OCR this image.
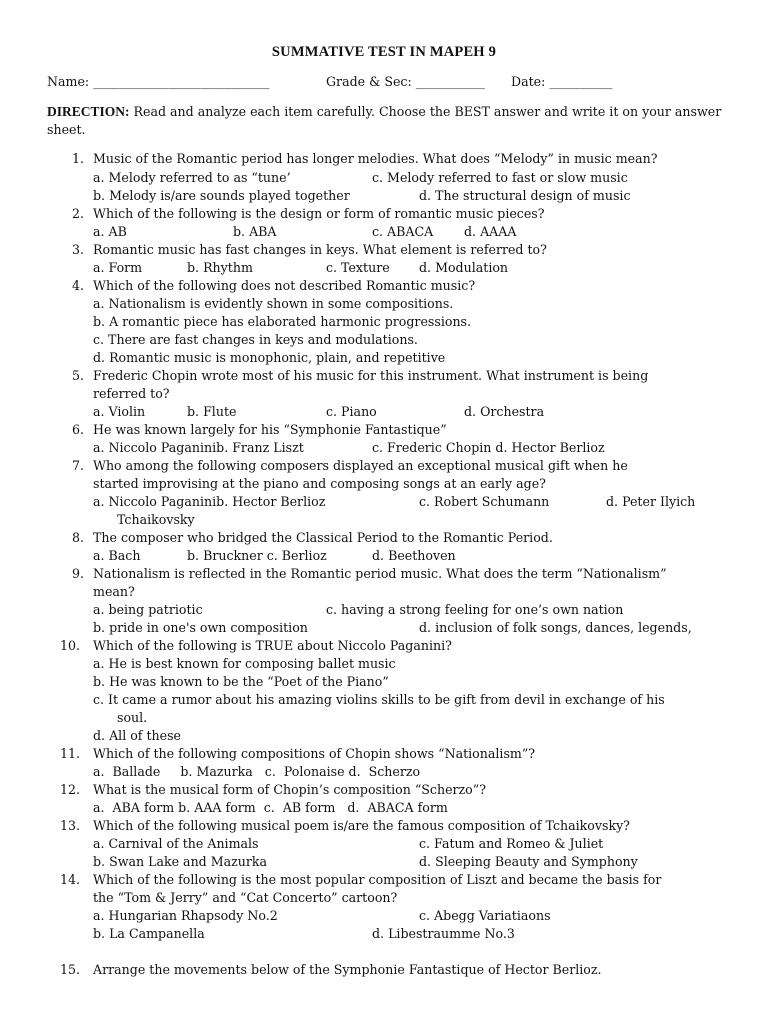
SUMMATIVE TEST IN MAPEH 9
Name: ____________________________	Grade & Sec: ___________ Date: __________
DIRECTION: Read and analyze each item carefully. Choose the BEST answer and write it on your answer sheet.
1. Music of the Romantic period has longer melodies. What does “Melody” in music mean?
a. Melody referred to as “tune’	c. Melody referred to fast or slow music
b. Melody is/are sounds played together	d. The structural design of music
2. Which of the following is the design or form of romantic music pieces?
a. AB	b. ABA	c. ABACA d. AAAA
3. Romantic music has fast changes in keys. What element is referred to?
a. Form	b. Rhythm	c. Texture d. Modulation
4. Which of the following does not described Romantic music?
a. Nationalism is evidently shown in some compositions.
b. A romantic piece has elaborated harmonic progressions.
c. There are fast changes in keys and modulations.
d. Romantic music is monophonic, plain, and repetitive
5. Frederic Chopin wrote most of his music for this instrument. What instrument is being
referred to?
a. Violin	b. Flute	c. Piano	d. Orchestra
6. He was known largely for his “Symphonie Fantastique”
a. Niccolo Paganinib. Franz Liszt	c. Frederic Chopin d. Hector Berlioz
7. Who among the following composers displayed an exceptional musical gift when he
started improvising at the piano and composing songs at an early age?
a. Niccolo Paganinib. Hector Berlioz	c. Robert Schumann	d. Peter Ilyich
Tchaikovsky
8. The composer who bridged the Classical Period to the Romantic Period.
a. Bach	b. Bruckner c. Berlioz	d. Beethoven
9. Nationalism is reflected in the Romantic period music. What does the term “Nationalism”
mean?
a. being patriotic	c. having a strong feeling for one’s own nation
b. pride in one's own composition	d. inclusion of folk songs, dances, legends,
10.	Which of the following is TRUE about Niccolo Paganini?
a. He is best known for composing ballet music
b. He was known to be the “Poet of the Piano”
c. It came a rumor about his amazing violins skills to be gift from devil in exchange of his
soul.
d. All of these
11.	Which of the following compositions of Chopin shows “Nationalism”?
a.  Ballade     b. Mazurka   c.  Polonaise d.  Scherzo
12.	What is the musical form of Chopin’s composition “Scherzo”?
a.  ABA form b. AAA form  c.  AB form   d.  ABACA form
13.	Which of the following musical poem is/are the famous composition of Tchaikovsky?
a. Carnival of the Animals	c. Fatum and Romeo & Juliet
b. Swan Lake and Mazurka	d. Sleeping Beauty and Symphony
14.	Which of the following is the most popular composition of Liszt and became the basis for
the “Tom & Jerry” and “Cat Concerto” cartoon?
a. Hungarian Rhapsody No.2	c. Abegg Variatiaons
b. La Campanella	d. Libestraumme No.3
15.	Arrange the movements below of the Symphonie Fantastique of Hector Berlioz.
